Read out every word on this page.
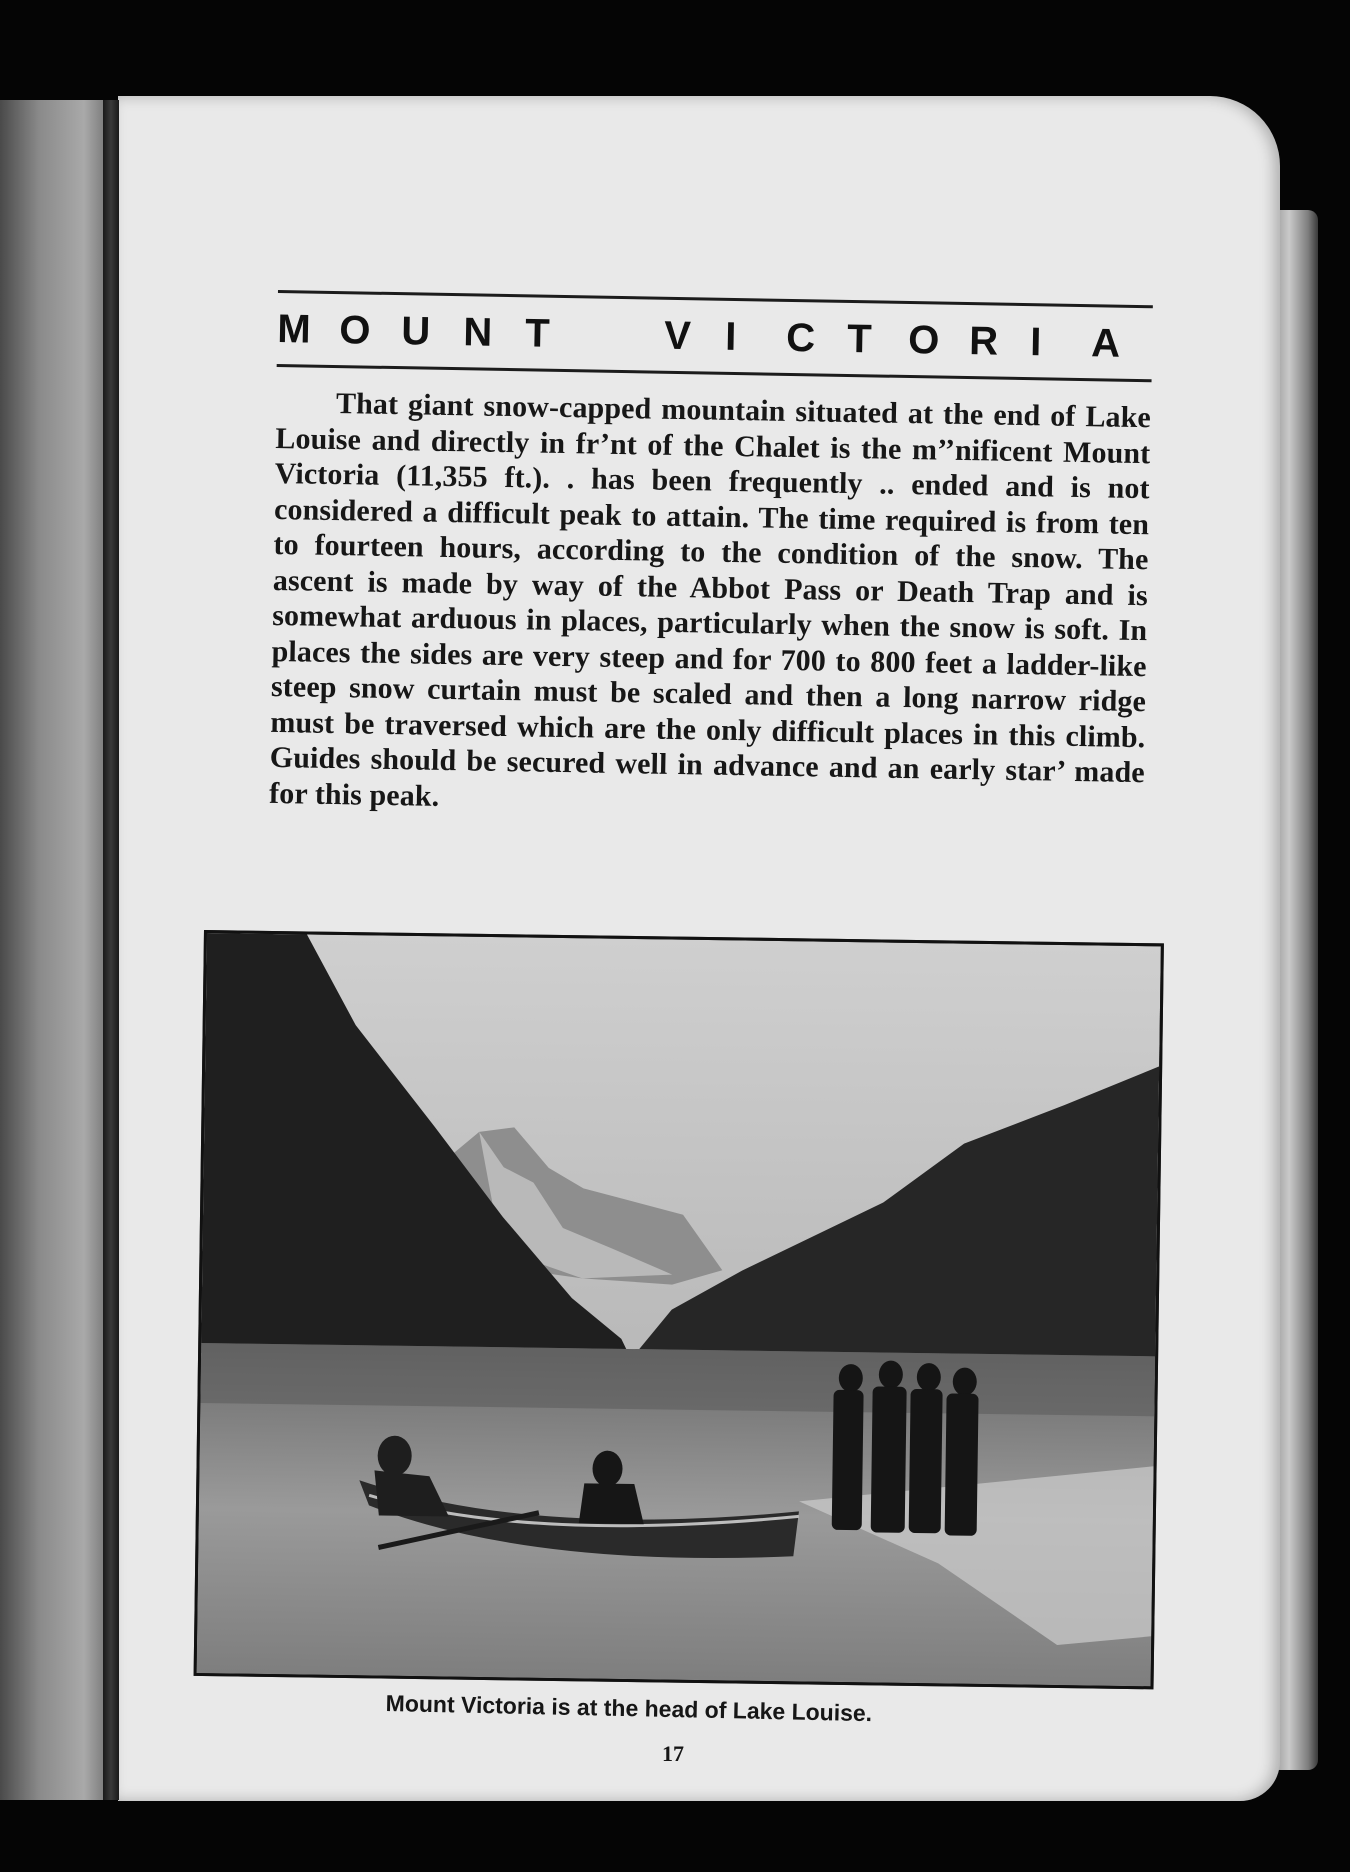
M O U N T	V I	C T O R I	A

That giant snow-capped mountain situated at the end of Lake Louise and directly in fr’nt of the Chalet is the m’’nificent Mount Victoria (11,355 ft.). . has been frequently .. ended and is not considered a difficult peak to attain. The time required is from ten to fourteen hours, according to the condition of the snow. The ascent is made by way of the Abbot Pass or Death Trap and is somewhat arduous in places, particularly when the snow is soft. In places the sides are very steep and for 700 to 800 feet a ladder-like steep snow curtain must be scaled and then a long narrow ridge must be traversed which are the only difficult places in this climb. Guides should be secured well in advance and an early star’ made for this peak.

Mount Victoria is at the head of Lake Louise.
17
